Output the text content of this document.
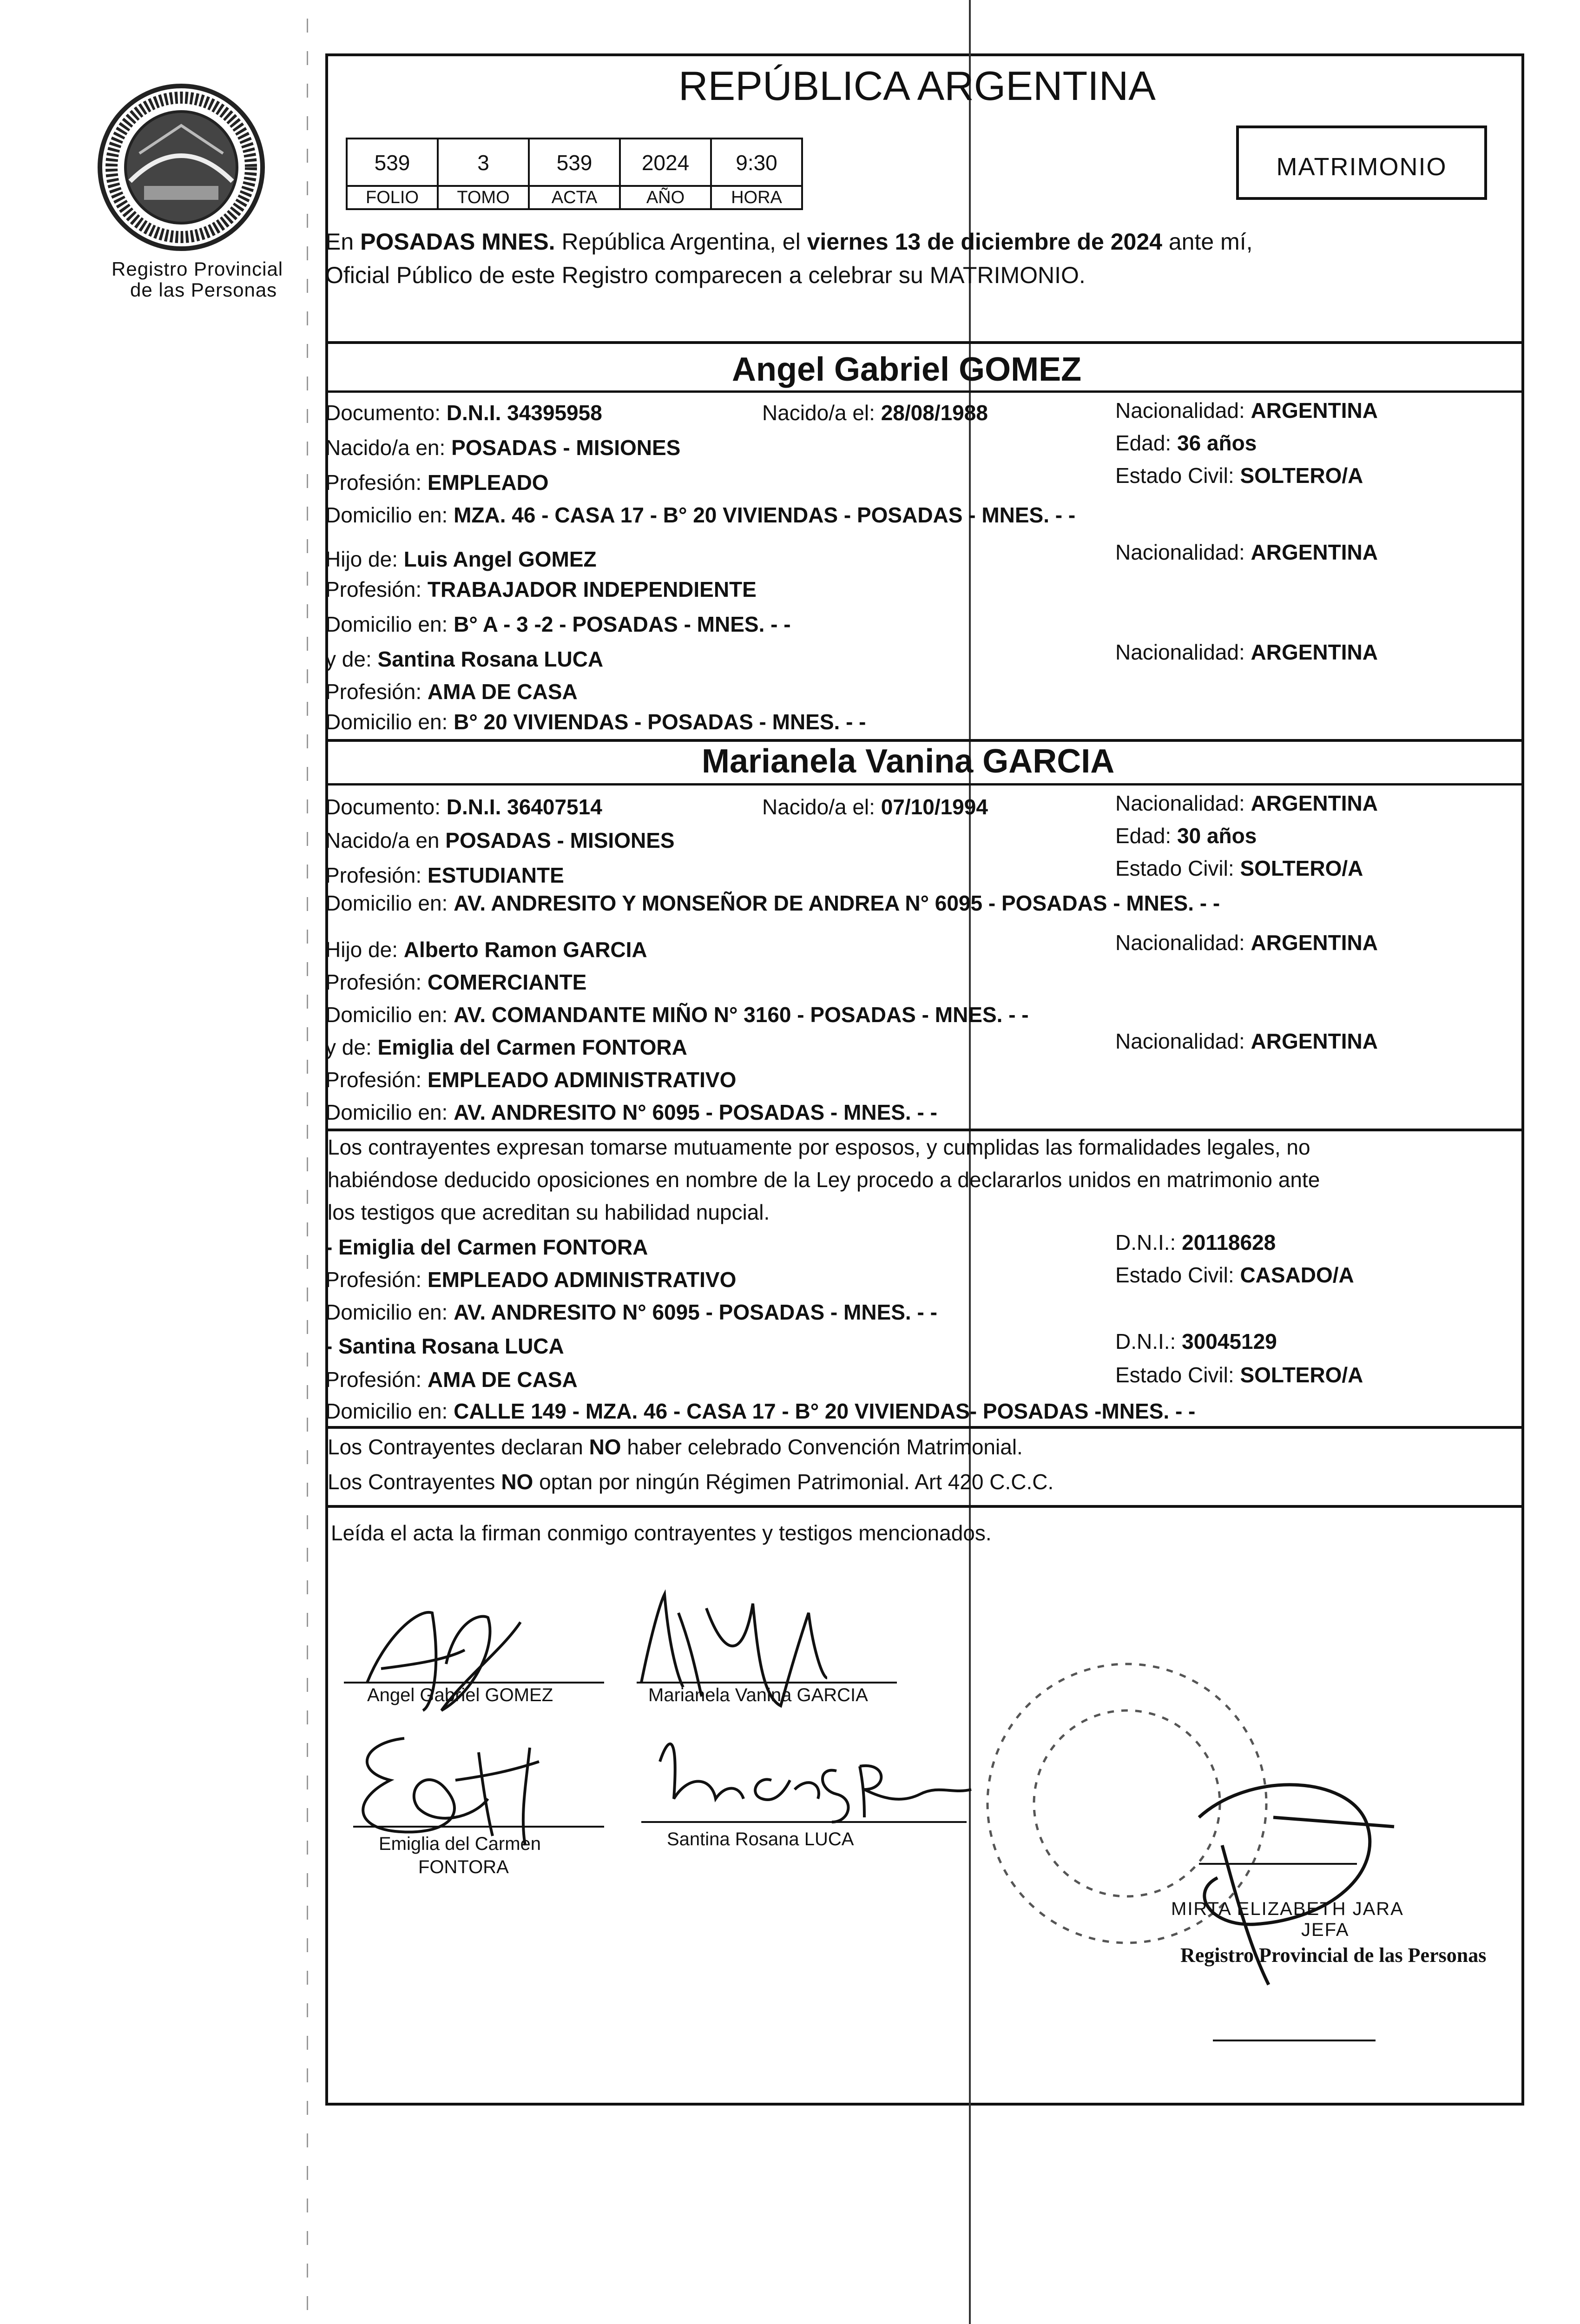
Registro Provincial
de las Personas
REPÚBLICA ARGENTINA
539	3	539	2024	9:30
FOLIO	TOMO	ACTA	AÑO	HORA
MATRIMONIO
En POSADAS MNES. República Argentina, el viernes 13 de diciembre de 2024 ante mí,
Oficial Público de este Registro comparecen a celebrar su MATRIMONIO.
Angel Gabriel GOMEZ
Documento: D.N.I. 34395958	Nacido/a el: 28/08/1988	Nacionalidad: ARGENTINA
Nacido/a en: POSADAS - MISIONES	Edad: 36 años
Profesión: EMPLEADO	Estado Civil: SOLTERO/A
Domicilio en: MZA. 46 - CASA 17 - B° 20 VIVIENDAS - POSADAS - MNES. - -
Hijo de: Luis Angel GOMEZ	Nacionalidad: ARGENTINA
Profesión: TRABAJADOR INDEPENDIENTE
Domicilio en: B° A - 3 -2 - POSADAS - MNES. - -
y de: Santina Rosana LUCA	Nacionalidad: ARGENTINA
Profesión: AMA DE CASA
Domicilio en: B° 20 VIVIENDAS - POSADAS - MNES. - -
Marianela Vanina GARCIA
Documento: D.N.I. 36407514	Nacido/a el: 07/10/1994	Nacionalidad: ARGENTINA
Nacido/a en POSADAS - MISIONES	Edad: 30 años
Profesión: ESTUDIANTE	Estado Civil: SOLTERO/A
Domicilio en: AV. ANDRESITO Y MONSEÑOR DE ANDREA N° 6095 - POSADAS - MNES. - -
Hijo de: Alberto Ramon GARCIA	Nacionalidad: ARGENTINA
Profesión: COMERCIANTE
Domicilio en: AV. COMANDANTE MIÑO N° 3160 - POSADAS - MNES. - -
y de: Emiglia del Carmen FONTORA	Nacionalidad: ARGENTINA
Profesión: EMPLEADO ADMINISTRATIVO
Domicilio en: AV. ANDRESITO N° 6095 - POSADAS - MNES. - -
Los contrayentes expresan tomarse mutuamente por esposos, y cumplidas las formalidades legales, no
habiéndose deducido oposiciones en nombre de la Ley procedo a declararlos unidos en matrimonio ante
los testigos que acreditan su habilidad nupcial.
- Emiglia del Carmen FONTORA	D.N.I.: 20118628
Profesión: EMPLEADO ADMINISTRATIVO	Estado Civil: CASADO/A
Domicilio en: AV. ANDRESITO N° 6095 - POSADAS - MNES. - -
- Santina Rosana LUCA	D.N.I.: 30045129
Profesión: AMA DE CASA	Estado Civil: SOLTERO/A
Domicilio en: CALLE 149 - MZA. 46 - CASA 17 - B° 20 VIVIENDAS- POSADAS -MNES. - -
Los Contrayentes declaran NO haber celebrado Convención Matrimonial.
Los Contrayentes NO optan por ningún Régimen Patrimonial. Art 420 C.C.C.
Leída el acta la firman conmigo contrayentes y testigos mencionados.
Angel Gabriel GOMEZ	Marianela Vanina GARCIA
Emiglia del Carmen
FONTORA
Santina Rosana LUCA
MIRTA ELIZABETH JARA
JEFA
Registro Provincial de las Personas
